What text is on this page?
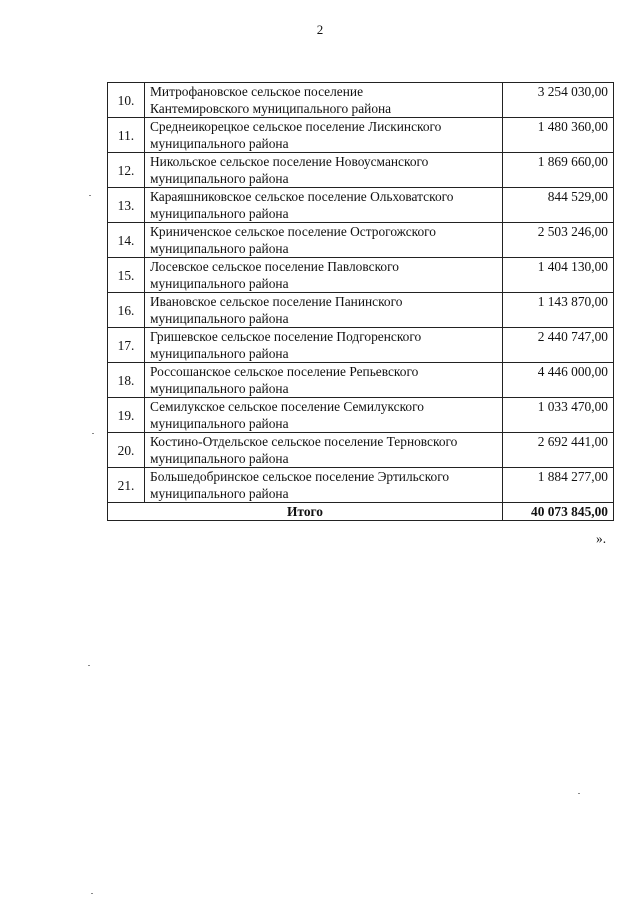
2
10.	Митрофановское сельское поселение
Кантемировского муниципального района	3 254 030,00
11.	Среднеикорецкое сельское поселение Лискинского
муниципального района	1 480 360,00
12.	Никольское сельское поселение Новоусманского
муниципального района	1 869 660,00
13.	Караяшниковское сельское поселение Ольховатского
муниципального района	844 529,00
14.	Криниченское сельское поселение Острогожского
муниципального района	2 503 246,00
15.	Лосевское сельское поселение Павловского
муниципального района	1 404 130,00
16.	Ивановское сельское поселение Панинского
муниципального района	1 143 870,00
17.	Гришевское сельское поселение Подгоренского
муниципального района	2 440 747,00
18.	Россошанское сельское поселение Репьевского
муниципального района	4 446 000,00
19.	Семилукское сельское поселение Семилукского
муниципального района	1 033 470,00
20.	Костино-Отдельское сельское поселение Терновского
муниципального района	2 692 441,00
21.	Большедобринское сельское поселение Эртильского
муниципального района	1 884 277,00
Итого		40 073 845,00
».
